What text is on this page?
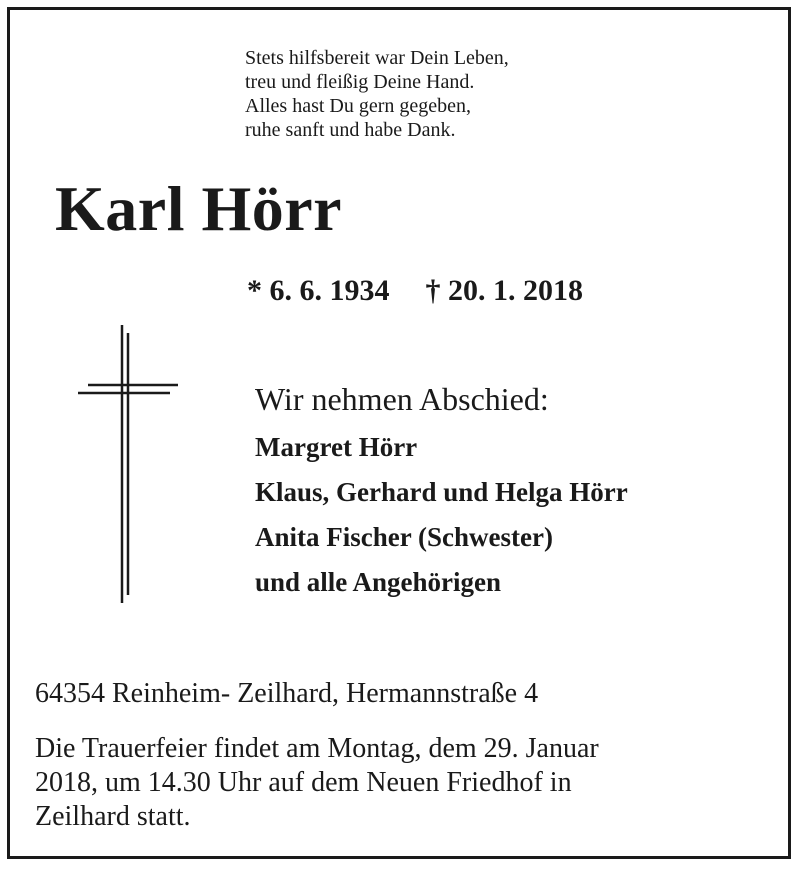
Stets hilfsbereit war Dein Leben,
treu und fleißig Deine Hand.
Alles hast Du gern gegeben,
ruhe sanft und habe Dank.
Karl Hörr
* 6. 6. 1934 † 20. 1. 2018
Wir nehmen Abschied:
Margret Hörr
Klaus, Gerhard und Helga Hörr
Anita Fischer (Schwester)
und alle Angehörigen
64354 Reinheim- Zeilhard, Hermannstraße 4
Die Trauerfeier findet am Montag, dem 29. Januar
2018, um 14.30 Uhr auf dem Neuen Friedhof in
Zeilhard statt.
